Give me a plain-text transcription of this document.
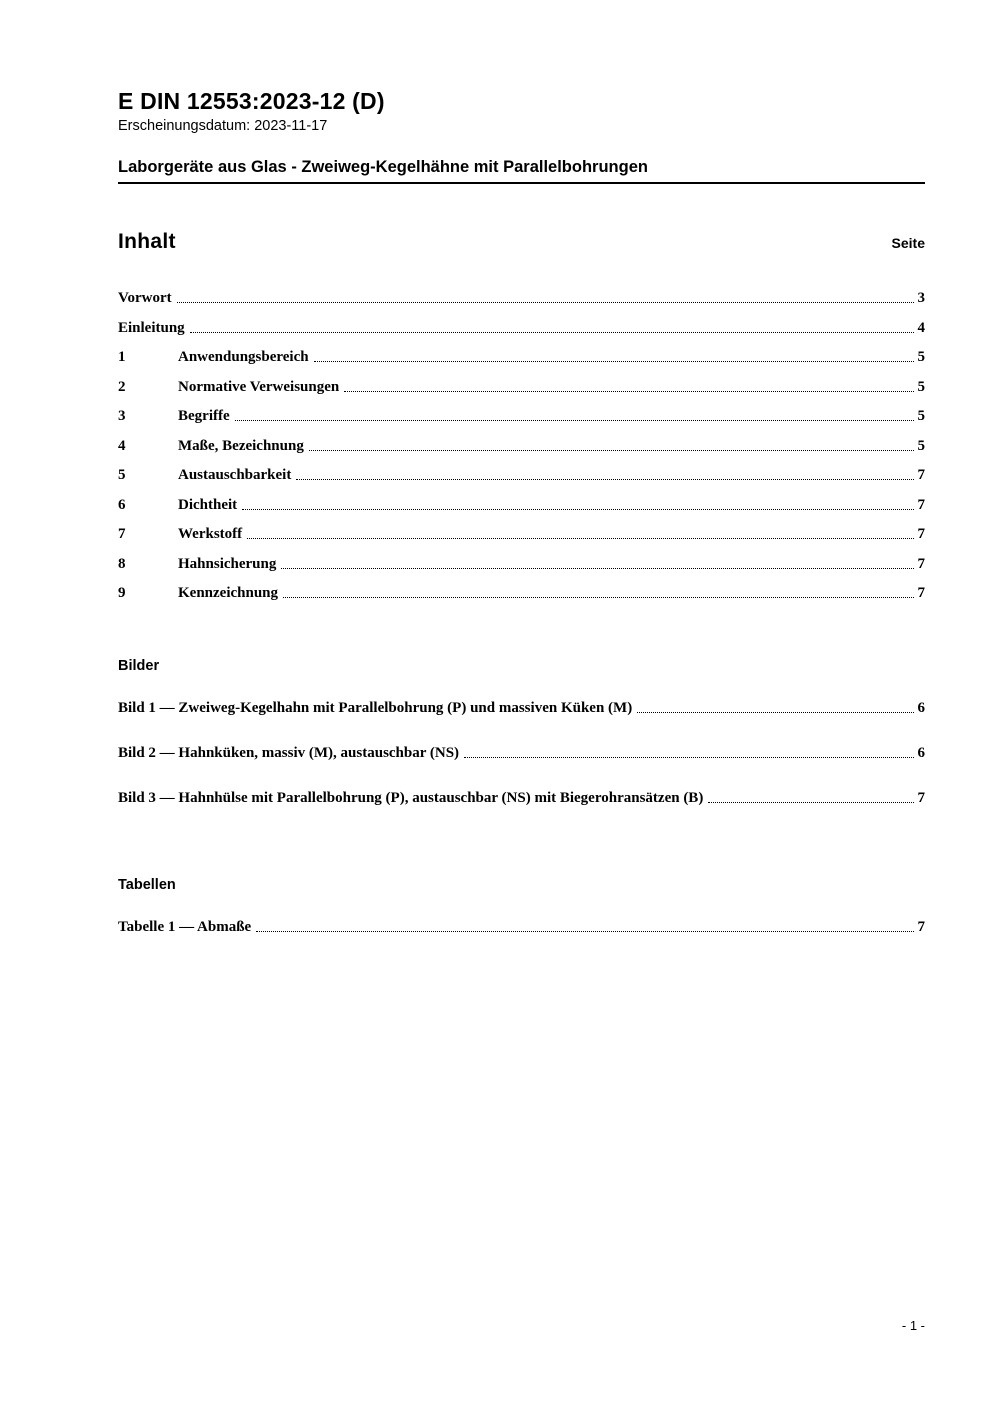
E DIN 12553:2023-12 (D)
Erscheinungsdatum: 2023-11-17
Laborgeräte aus Glas - Zweiweg-Kegelhähne mit Parallelbohrungen
Inhalt	Seite
Vorwort	3
Einleitung	4
1	Anwendungsbereich	5
2	Normative Verweisungen	5
3	Begriffe	5
4	Maße, Bezeichnung	5
5	Austauschbarkeit	7
6	Dichtheit	7
7	Werkstoff	7
8	Hahnsicherung	7
9	Kennzeichnung	7
Bilder
Bild 1 — Zweiweg-Kegelhahn mit Parallelbohrung (P) und massiven Küken (M)	6
Bild 2 — Hahnküken, massiv (M), austauschbar (NS)	6
Bild 3 — Hahnhülse mit Parallelbohrung (P), austauschbar (NS) mit Biegerohransätzen (B)	7
Tabellen
Tabelle 1 — Abmaße	7
- 1 -
